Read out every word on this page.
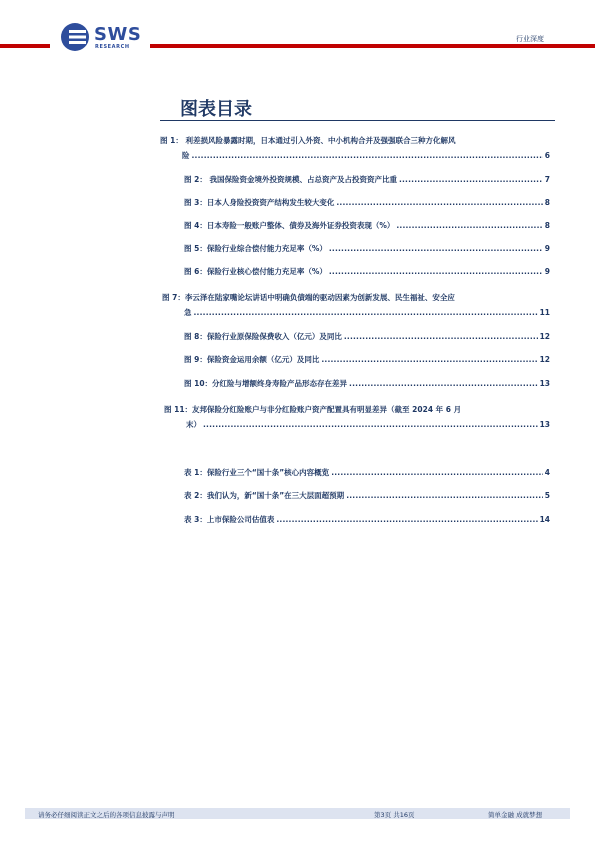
SWS
RESEARCH
行业深度
图表目录
图 1： 利差损风险暴露时期，日本通过引入外资、中小机构合并及强强联合三种方化解风
险 .....	6
图 2： 我国保险资金境外投资规模、占总资产及占投资资产比重 .....	7
图 3：日本人身险投资资产结构发生较大变化 .....	8
图 4：日本寿险一般账户整体、债券及海外证券投资表现（%） .....	8
图 5：保险行业综合偿付能力充足率（%） .....	9
图 6：保险行业核心偿付能力充足率（%） .....	9
图 7：李云泽在陆家嘴论坛讲话中明确负债端的驱动因素为创新发展、民生福祉、安全应
急 .....	11
图 8：保险行业原保险保费收入（亿元）及同比 .....	12
图 9：保险资金运用余额（亿元）及同比 .....	12
图 10：分红险与增额终身寿险产品形态存在差异 .....	13
图 11：友邦保险分红险账户与非分红险账户资产配置具有明显差异（截至 2024 年 6 月
末） .....	13
表 1：保险行业三个“国十条”核心内容概览 .....	4
表 2：我们认为，新“国十条”在三大层面超预期 .....	5
表 3：上市保险公司估值表 .....	14
请务必仔细阅读正文之后的各项信息披露与声明	第3页 共16页	简单金融 成就梦想
